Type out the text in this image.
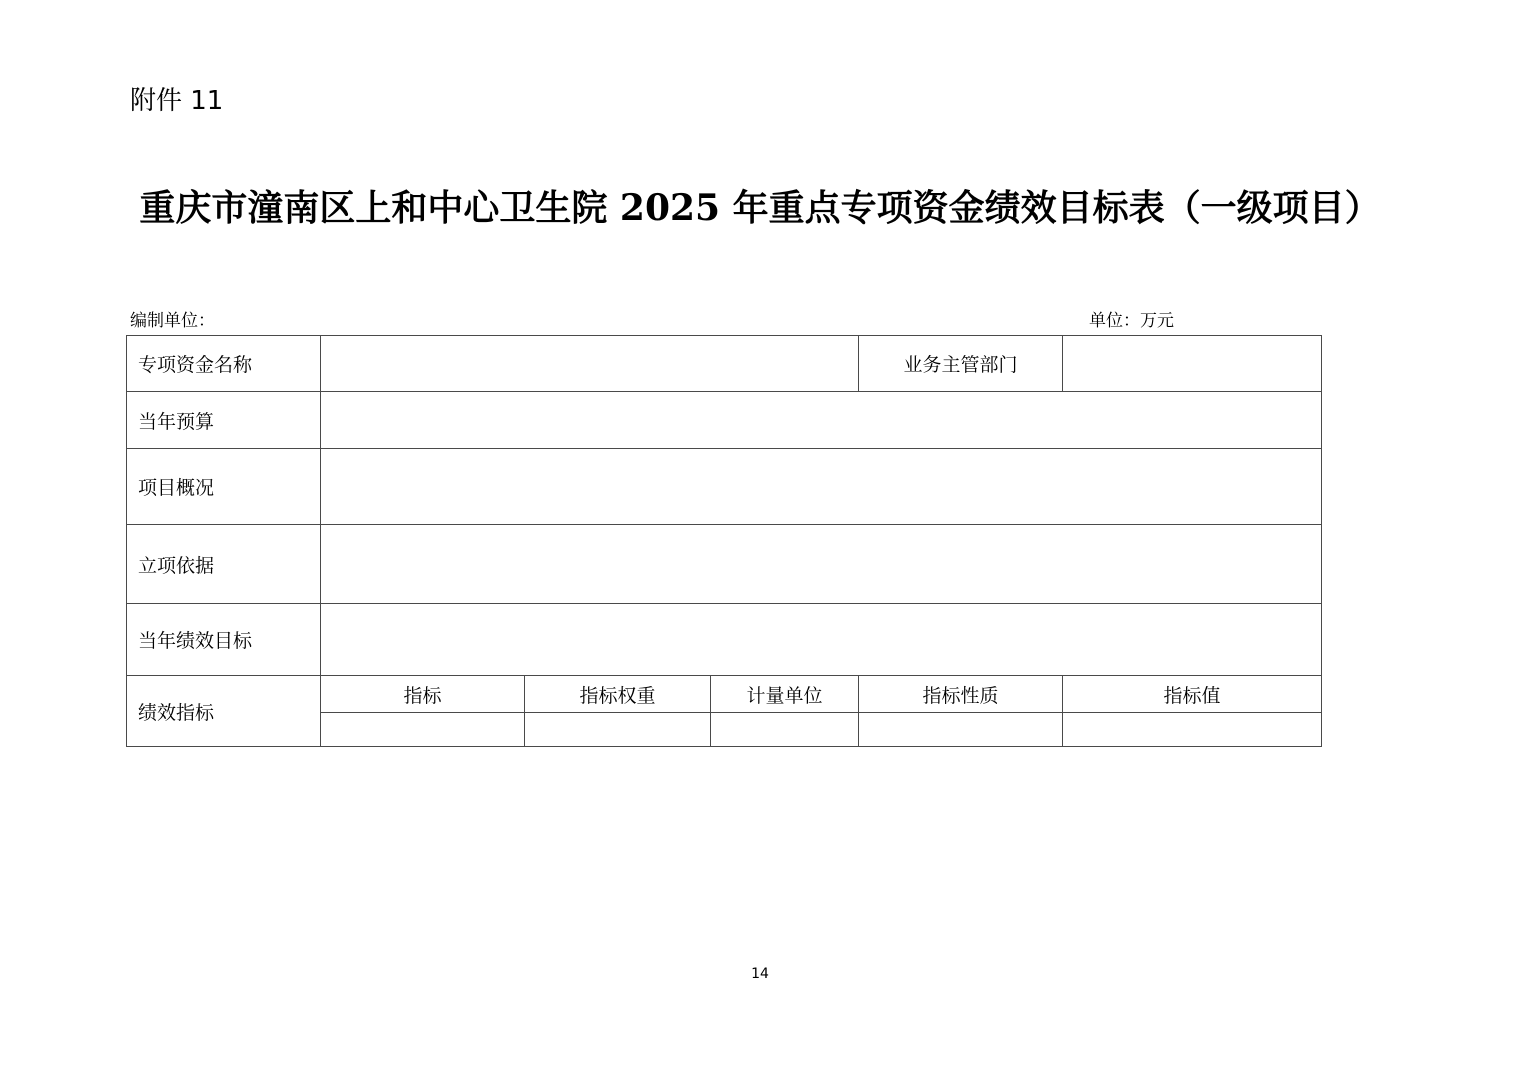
附件 11
重庆市潼南区上和中心卫生院 2025 年重点专项资金绩效目标表（一级项目）
编制单位：	单位：万元
专项资金名称				业务主管部门	
当年预算					
项目概况					
立项依据					
当年绩效目标					
绩效指标	指标	指标权重	计量单位	指标性质	指标值

14
